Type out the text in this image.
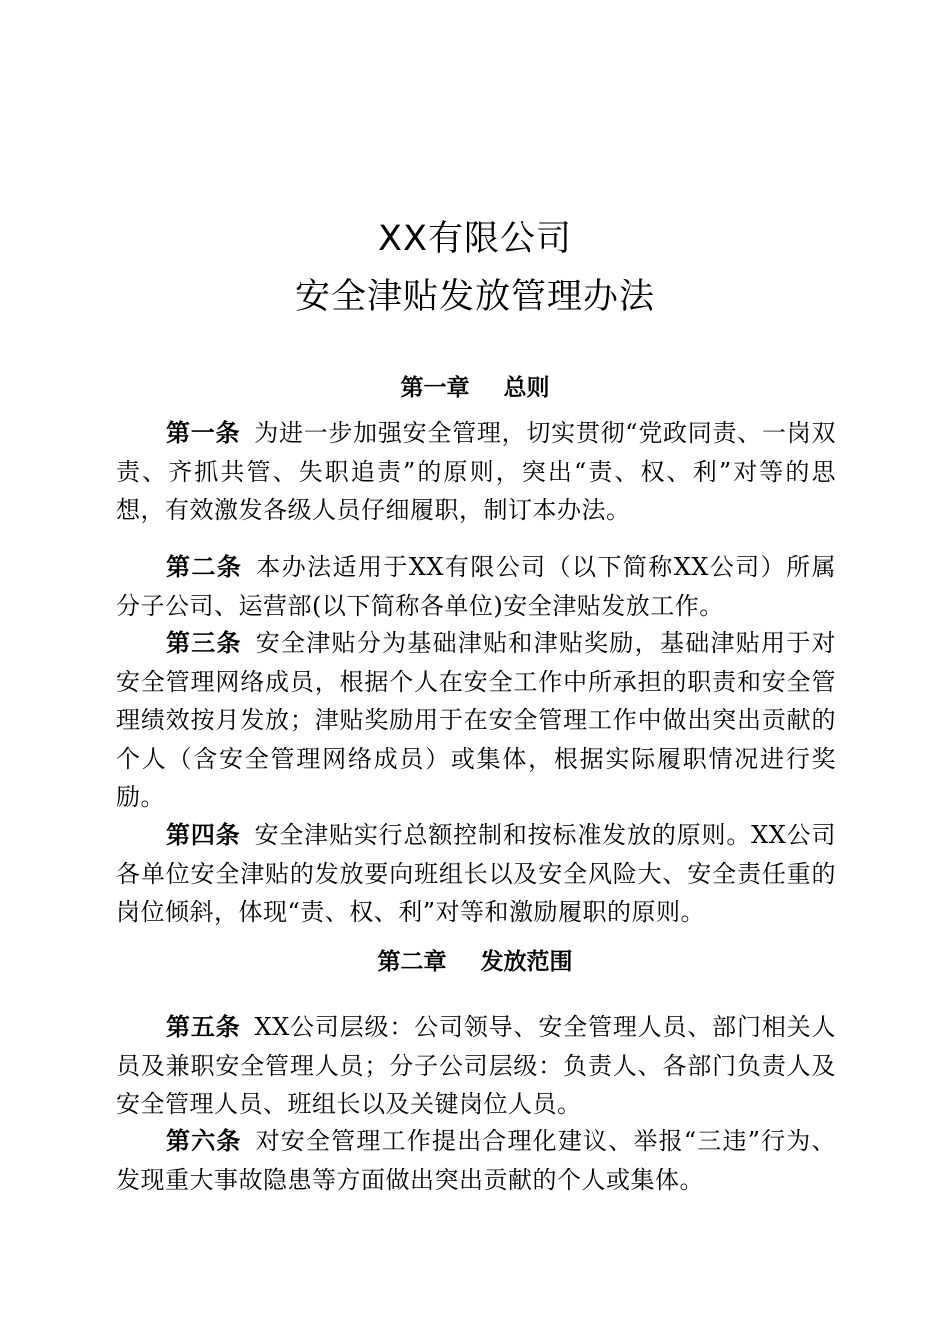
XX有限公司
安全津贴发放管理办法
第一章 总则

第一条 为进一步加强安全管理，切实贯彻“党政同责、一岗双责、齐抓共管、失职追责”的原则，突出“责、权、利”对等的思想，有效激发各级人员仔细履职，制订本办法。

第二条 本办法适用于XX有限公司（以下简称XX公司）所属分子公司、运营部(以下简称各单位)安全津贴发放工作。

第三条 安全津贴分为基础津贴和津贴奖励，基础津贴用于对安全管理网络成员，根据个人在安全工作中所承担的职责和安全管理绩效按月发放；津贴奖励用于在安全管理工作中做出突出贡献的个人（含安全管理网络成员）或集体，根据实际履职情况进行奖励。

第四条 安全津贴实行总额控制和按标准发放的原则。XX公司各单位安全津贴的发放要向班组长以及安全风险大、安全责任重的岗位倾斜，体现“责、权、利”对等和激励履职的原则。

第二章 发放范围

第五条 XX公司层级：公司领导、安全管理人员、部门相关人员及兼职安全管理人员；分子公司层级：负责人、各部门负责人及安全管理人员、班组长以及关键岗位人员。

第六条 对安全管理工作提出合理化建议、举报“三违”行为、发现重大事故隐患等方面做出突出贡献的个人或集体。
